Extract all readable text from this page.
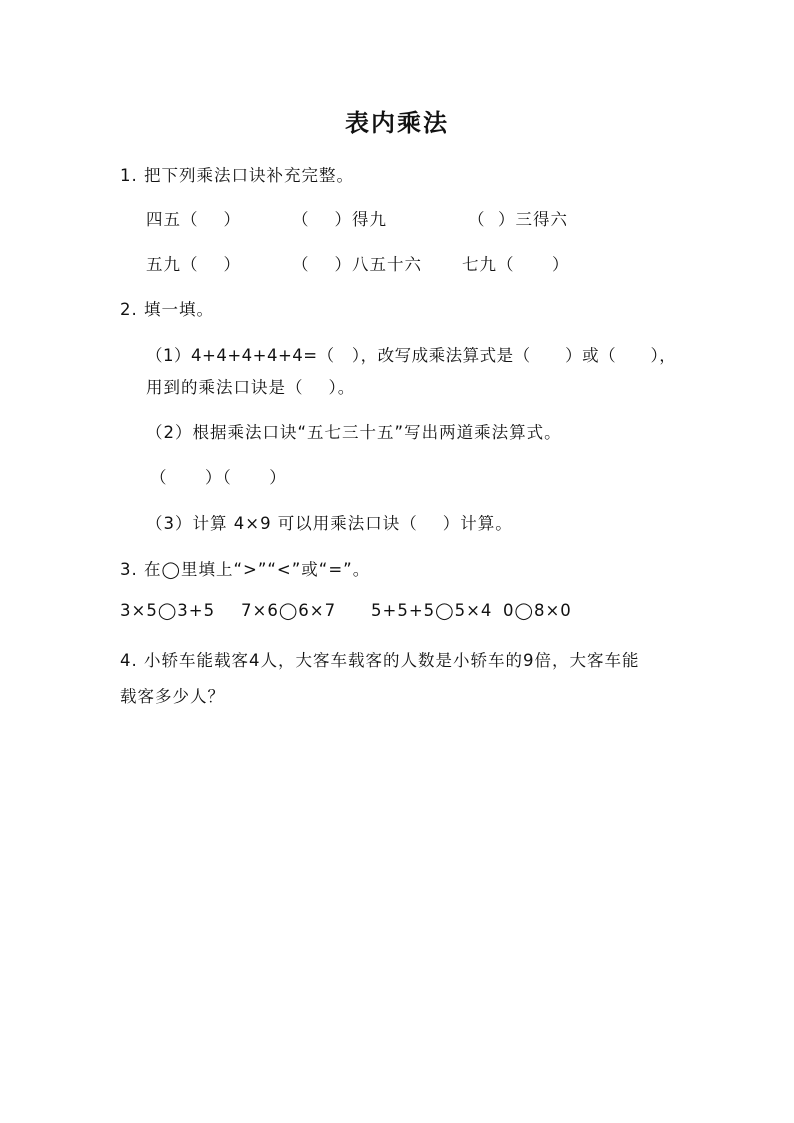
表内乘法
1. 把下列乘法口诀补充完整。
四五（    ）	（    ）得九	（  ）三得六
五九（    ）	（    ）八五十六 七九（      ）
2. 填一填。
（1）4+4+4+4+4=（   ），改写成乘法算式是（      ）或（      ），
用到的乘法口诀是（    ）。
（2）根据乘法口诀“五七三十五”写出两道乘法算式。
（      ）（      ）
（3）计算 4×9 可以用乘法口诀（    ）计算。
3. 在◯里填上“>”“<”或“=”。
3×5◯3+5 7×6◯6×7 5+5+5◯5×4 0◯8×0
4. 小轿车能载客4人，大客车载客的人数是小轿车的9倍，大客车能
载客多少人？
